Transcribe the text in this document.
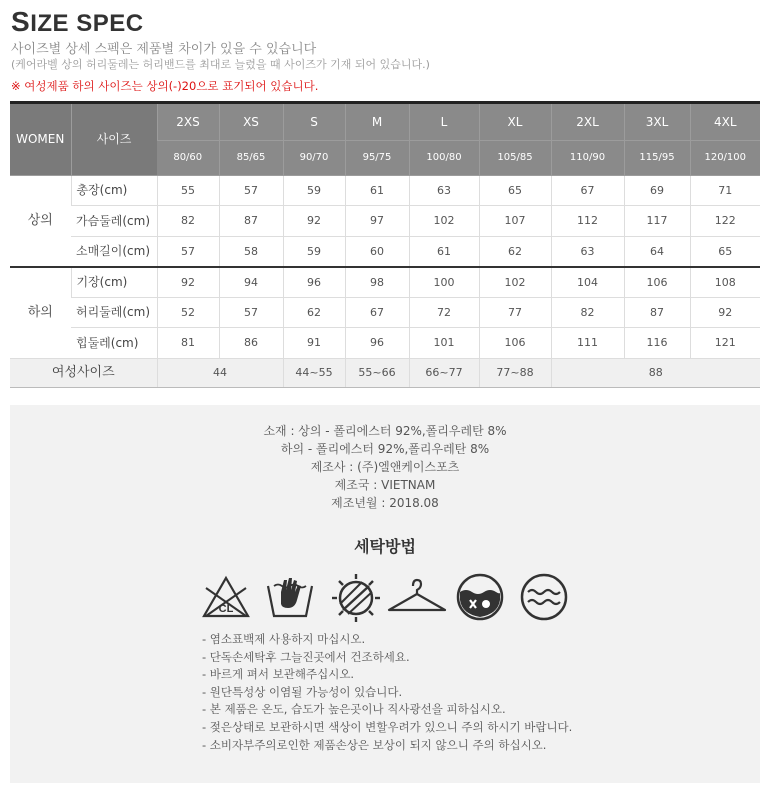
SIZE SPEC
사이즈별 상세 스펙은 제품별 차이가 있을 수 있습니다
(케어라벨 상의 허리둘레는 허리밴드를 최대로 늘렸을 때 사이즈가 기재 되어 있습니다.)
※ 여성제품 하의 사이즈는 상의(-)20으로 표기되어 있습니다.
WOMEN	사이즈	2XS	XS	S	M	L	XL	2XL	3XL	4XL
		80/60	85/65	90/70	95/75	100/80	105/85	110/90	115/95	120/100
상의	총장(cm)	55	57	59	61	63	65	67	69	71
	가슴둘레(cm)	82	87	92	97	102	107	112	117	122
	소매길이(cm)	57	58	59	60	61	62	63	64	65
하의	기장(cm)	92	94	96	98	100	102	104	106	108
	허리둘레(cm)	52	57	62	67	72	77	82	87	92
	힙둘레(cm)	81	86	91	96	101	106	111	116	121
여성사이즈		44		44~55	55~66	66~77	77~88	88		
소재 : 상의 - 폴리에스터 92%,폴리우레탄 8%
하의 - 폴리에스터 92%,폴리우레탄 8%
제조사 : (주)엘앤케이스포츠
제조국 : VIETNAM
제조년월 : 2018.08
세탁방법
CL
- 염소표백제 사용하지 마십시오.
- 단독손세탁후 그늘진곳에서 건조하세요.
- 바르게 펴서 보관해주십시오.
- 원단특성상 이염될 가능성이 있습니다.
- 본 제품은 온도, 습도가 높은곳이나 직사광선을 피하십시오.
- 젖은상태로 보관하시면 색상이 변할우려가 있으니 주의 하시기 바랍니다.
- 소비자부주의로인한 제품손상은 보상이 되지 않으니 주의 하십시오.
